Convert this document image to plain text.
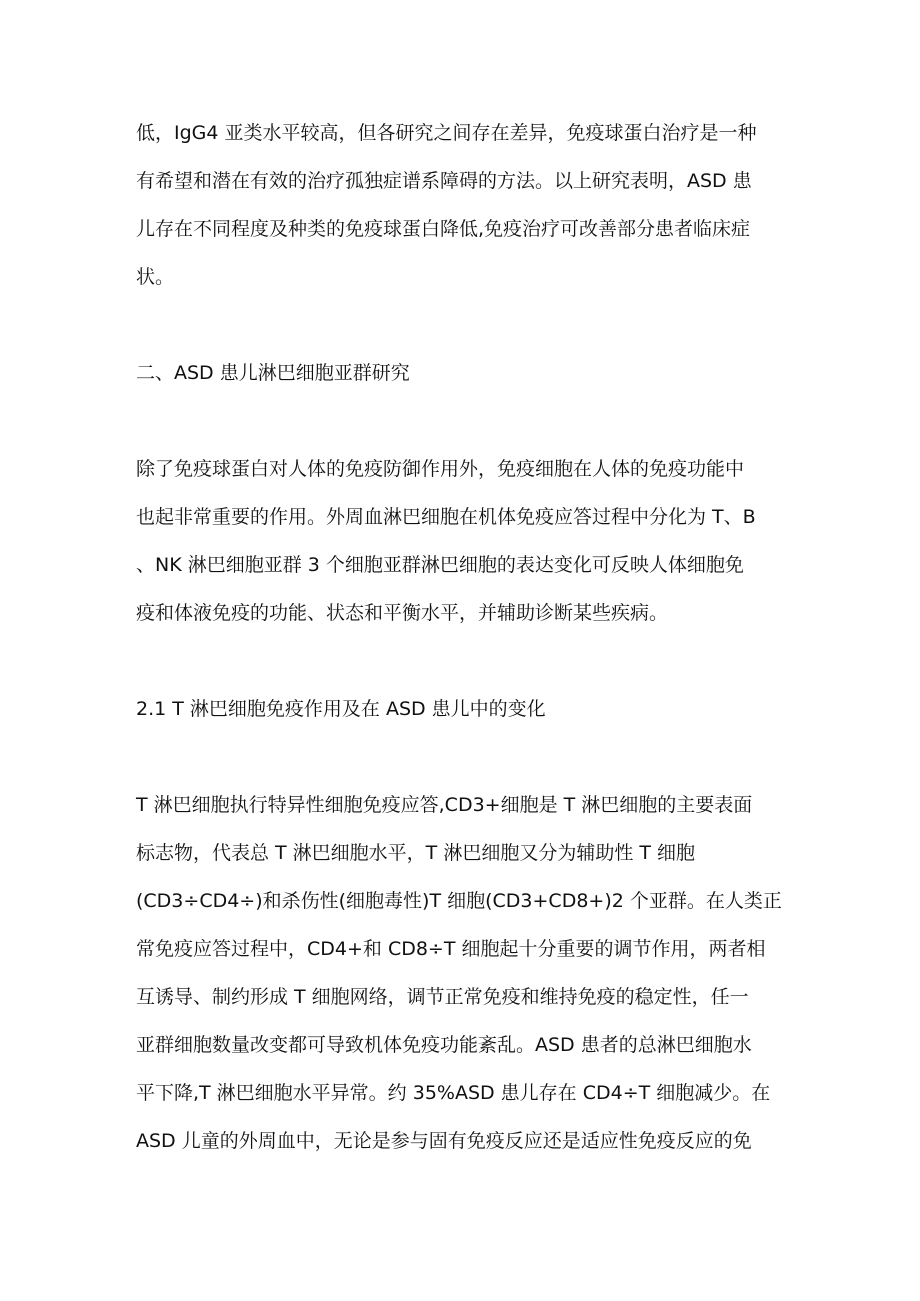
低，IgG4 亚类水平较高，但各研究之间存在差异，免疫球蛋白治疗是一种
有希望和潜在有效的治疗孤独症谱系障碍的方法。以上研究表明，ASD 患
儿存在不同程度及种类的免疫球蛋白降低,免疫治疗可改善部分患者临床症
状。
二、ASD 患儿淋巴细胞亚群研究
除了免疫球蛋白对人体的免疫防御作用外，免疫细胞在人体的免疫功能中
也起非常重要的作用。外周血淋巴细胞在机体免疫应答过程中分化为 T、B
、NK 淋巴细胞亚群 3 个细胞亚群淋巴细胞的表达变化可反映人体细胞免
疫和体液免疫的功能、状态和平衡水平，并辅助诊断某些疾病。
2.1 T 淋巴细胞免疫作用及在 ASD 患儿中的变化
T 淋巴细胞执行特异性细胞免疫应答,CD3+细胞是 T 淋巴细胞的主要表面
标志物，代表总 T 淋巴细胞水平，T 淋巴细胞又分为辅助性 T 细胞
(CD3÷CD4÷)和杀伤性(细胞毒性)T 细胞(CD3+CD8+)2 个亚群。在人类正
常免疫应答过程中，CD4+和 CD8÷T 细胞起十分重要的调节作用，两者相
互诱导、制约形成 T 细胞网络，调节正常免疫和维持免疫的稳定性，任一
亚群细胞数量改变都可导致机体免疫功能紊乱。ASD 患者的总淋巴细胞水
平下降,T 淋巴细胞水平异常。约 35%ASD 患儿存在 CD4÷T 细胞减少。在
ASD 儿童的外周血中，无论是参与固有免疫反应还是适应性免疫反应的免
